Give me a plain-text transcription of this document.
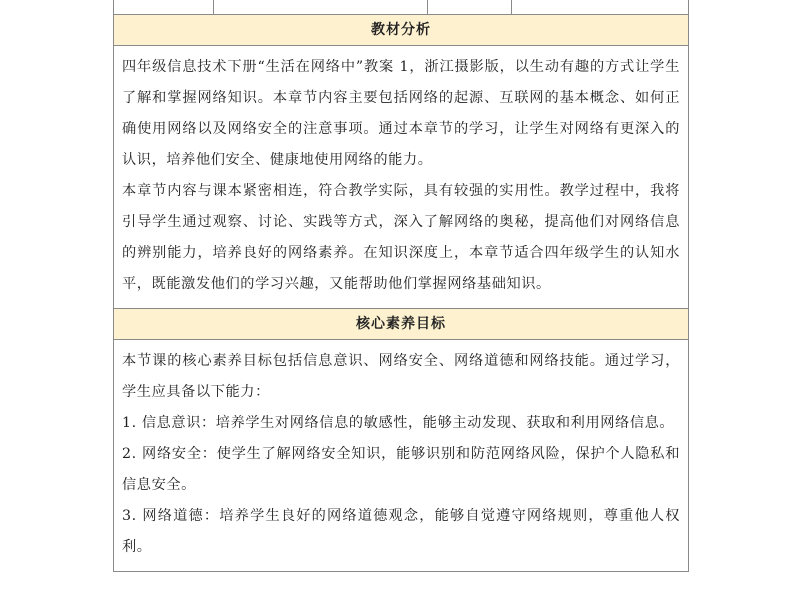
教材分析

四年级信息技术下册“生活在网络中”教案 1，浙江摄影版，以生动有趣的方式让学生了解和掌握网络知识。本章节内容主要包括网络的起源、互联网的基本概念、如何正确使用网络以及网络安全的注意事项。通过本章节的学习，让学生对网络有更深入的认识，培养他们安全、健康地使用网络的能力。

本章节内容与课本紧密相连，符合教学实际，具有较强的实用性。教学过程中，我将引导学生通过观察、讨论、实践等方式，深入了解网络的奥秘，提高他们对网络信息的辨别能力，培养良好的网络素养。在知识深度上，本章节适合四年级学生的认知水平，既能激发他们的学习兴趣，又能帮助他们掌握网络基础知识。

核心素养目标

本节课的核心素养目标包括信息意识、网络安全、网络道德和网络技能。通过学习，学生应具备以下能力：

1. 信息意识：培养学生对网络信息的敏感性，能够主动发现、获取和利用网络信息。

2. 网络安全：使学生了解网络安全知识，能够识别和防范网络风险，保护个人隐私和信息安全。

3. 网络道德：培养学生良好的网络道德观念，能够自觉遵守网络规则，尊重他人权利。
